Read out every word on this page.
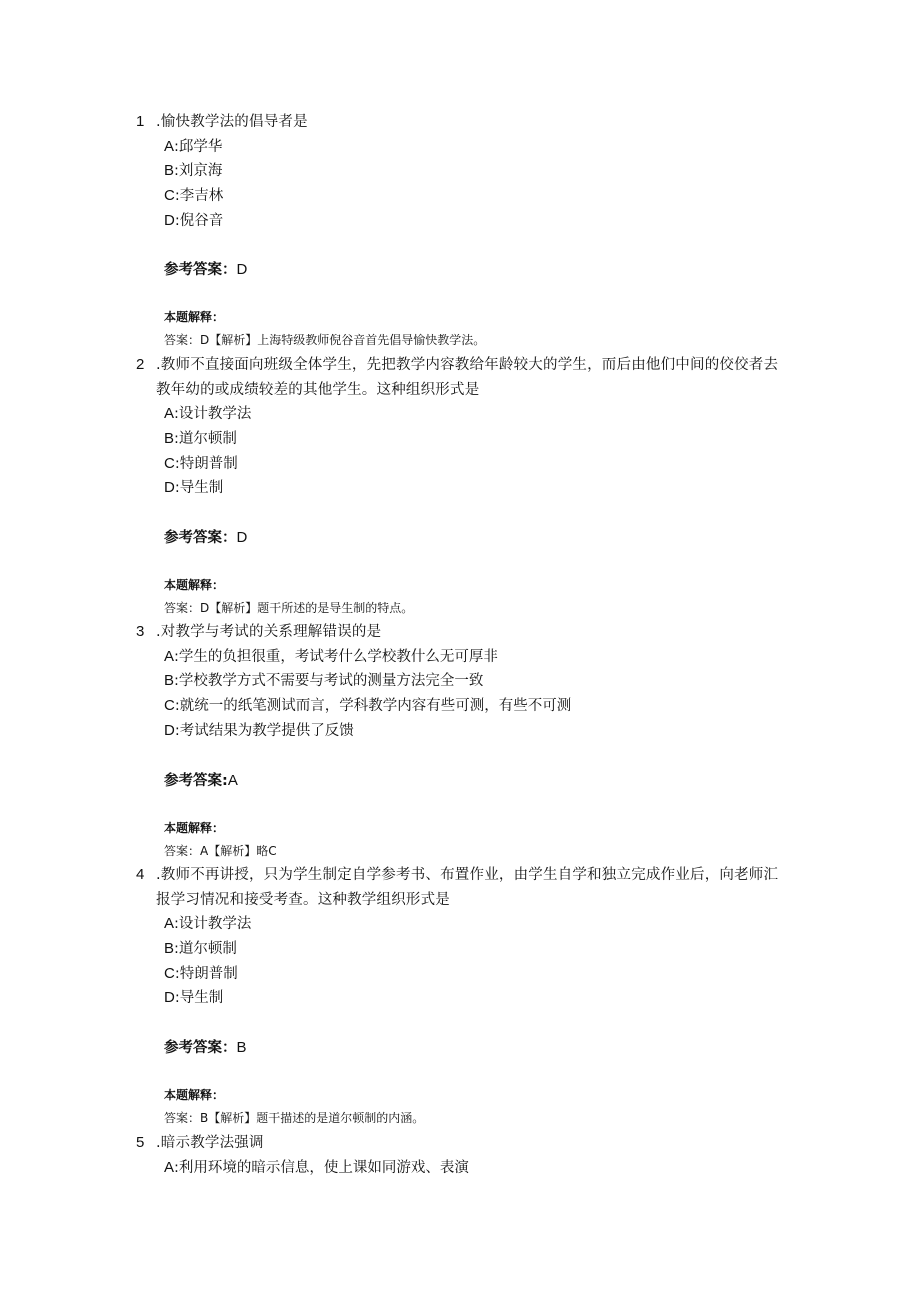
1 .愉快教学法的倡导者是
A:邱学华
B:刘京海
C:李吉林
D:倪谷音
参考答案：D
本题解释：
答案：D【解析】上海特级教师倪谷音首先倡导愉快教学法。
2 .教师不直接面向班级全体学生，先把教学内容教给年龄较大的学生，而后由他们中间的佼佼者去教年幼的或成绩较差的其他学生。这种组织形式是
A:设计教学法
B:道尔顿制
C:特朗普制
D:导生制
参考答案：D
本题解释：
答案：D【解析】题干所述的是导生制的特点。
3 .对教学与考试的关系理解错误的是
A:学生的负担很重，考试考什么学校教什么无可厚非
B:学校教学方式不需要与考试的测量方法完全一致
C:就统一的纸笔测试而言，学科教学内容有些可测，有些不可测
D:考试结果为教学提供了反馈
参考答案:A
本题解释：
答案：A【解析】略C
4 .教师不再讲授，只为学生制定自学参考书、布置作业，由学生自学和独立完成作业后，向老师汇报学习情况和接受考查。这种教学组织形式是
A:设计教学法
B:道尔顿制
C:特朗普制
D:导生制
参考答案：B
本题解释：
答案：B【解析】题干描述的是道尔顿制的内涵。
5 .暗示教学法强调
A:利用环境的暗示信息，使上课如同游戏、表演
